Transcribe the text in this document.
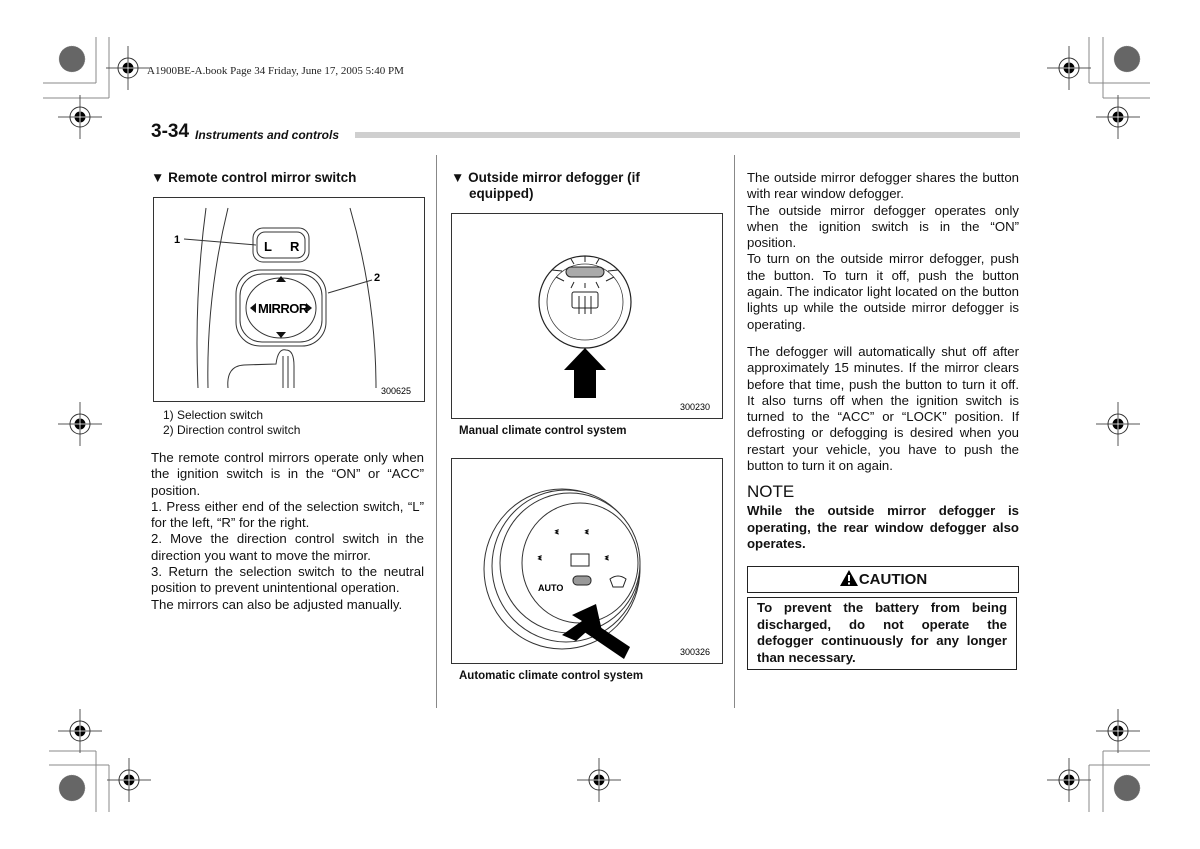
A1900BE-A.book Page 34 Friday, June 17, 2005 5:40 PM
3-34 Instruments and controls
▼ Remote control mirror switch
L R
MIRROR
1
2
300625
1) Selection switch
2) Direction control switch

The remote control mirrors operate only when the ignition switch is in the “ON” or “ACC” position.

1. Press either end of the selection switch, “L” for the left, “R” for the right.

2. Move the direction control switch in the direction you want to move the mirror.

3. Return the selection switch to the neutral position to prevent unintentional operation.

The mirrors can also be adjusted manually.

▼ Outside mirror defogger (if
equipped)
300230
Manual climate control system
ᓫ ᓫ
ᓫ	ᓫ
AUTO
300326
Automatic climate control system

The outside mirror defogger shares the button with rear window defogger.

The outside mirror defogger operates only when the ignition switch is in the “ON” position.

To turn on the outside mirror defogger, push the button. To turn it off, push the button again. The indicator light located on the button lights up while the outside mirror defogger is operating.

The defogger will automatically shut off after approximately 15 minutes. If the mirror clears before that time, push the button to turn it off. It also turns off when the ignition switch is turned to the “ACC” or “LOCK” position. If defrosting or defogging is desired when you restart your vehicle, you have to push the button to turn it on again.
NOTE
While the outside mirror defogger is operating, the rear window defogger also operates.
CAUTION
To prevent the battery from being discharged, do not operate the defogger continuously for any longer than necessary.
